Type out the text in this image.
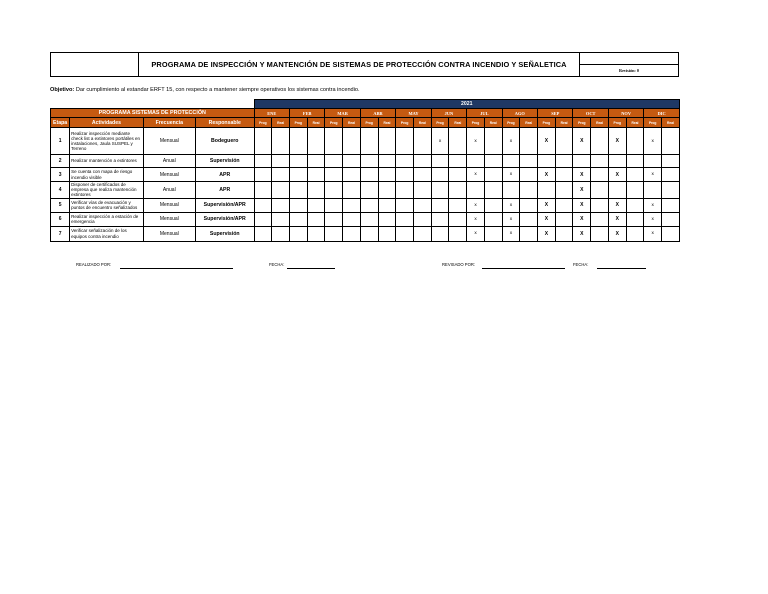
PROGRAMA DE INSPECCIÓN Y MANTENCIÓN DE SISTEMAS DE PROTECCIÓN CONTRA INCENDIO Y SEÑALETICA
Revisión: 0
Objetivo: Dar cumplimiento al estandar ERFT 15, con respecto a mantener siempre operativos los sistemas contra incendio.
				2021																							
PROGRAMA SISTEMAS DE PROTECCIÓN				ENE		FEB		MAR		ABR		MAY		JUN		JUL		AGO		SEP		OCT		NOV		DIC	
Etapa	Actividades	Frecuencia	Responsable	Prog	Real	Prog	Real	Prog	Real	Prog	Real	Prog	Real	Prog	Real	Prog	Real	Prog	Real	Prog	Real	Prog	Real	Prog	Real	Prog	Real
1	Realizar inspección mediante check list a extintores portátiles en instalaciones, Jaula SUSPEL y Terreno	Mensual	Bodeguero											x		x		x		X		X		X		x	
2	Realizar mantención a extintores	Anual	Supervisión																								
3	Se cuenta con mapa de riesgo incendio visible	Mensual	APR													x		x		X		X		X		x	
4	Disponer de certificados de empresa que realiza mantención extintores	Anual	APR																			X					
5	Verificar vías de evacuación y puntos de encuentro señalizados	Mensual	Supervisión/APR													x		x		X		X		X		x	
6	Realizar inspección a estación de emergencia	Mensual	Supervisión/APR													x		x		X		X		X		x	
7	Verificar señalización de los equipos contra incendio	Mensual	Supervisión													x		x		X		X		X		x	
REALIZADO POR:	FECHA:	REVISADO POR:	FECHA:
